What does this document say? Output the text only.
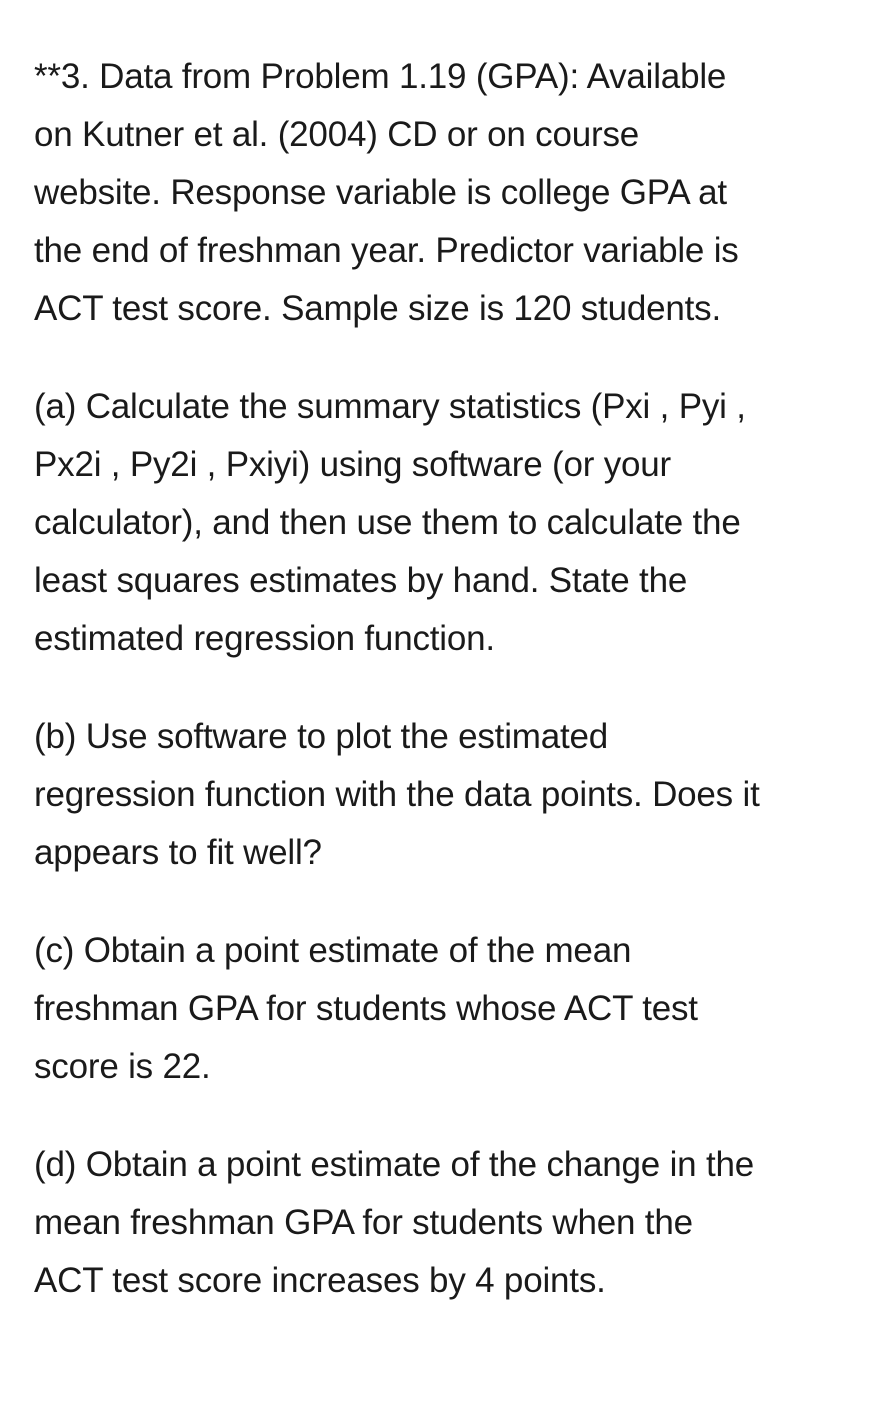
**3. Data from Problem 1.19 (GPA): Available on Kutner et al. (2004) CD or on course website. Response variable is college GPA at the end of freshman year. Predictor variable is ACT test score. Sample size is 120 students.

(a) Calculate the summary statistics (Pxi , Pyi , Px2i , Py2i , Pxiyi) using software (or your calculator), and then use them to calculate the least squares estimates by hand. State the estimated regression function.

(b) Use software to plot the estimated regression function with the data points. Does it appears to fit well?

(c) Obtain a point estimate of the mean freshman GPA for students whose ACT test score is 22.

(d) Obtain a point estimate of the change in the mean freshman GPA for students when the ACT test score increases by 4 points.
